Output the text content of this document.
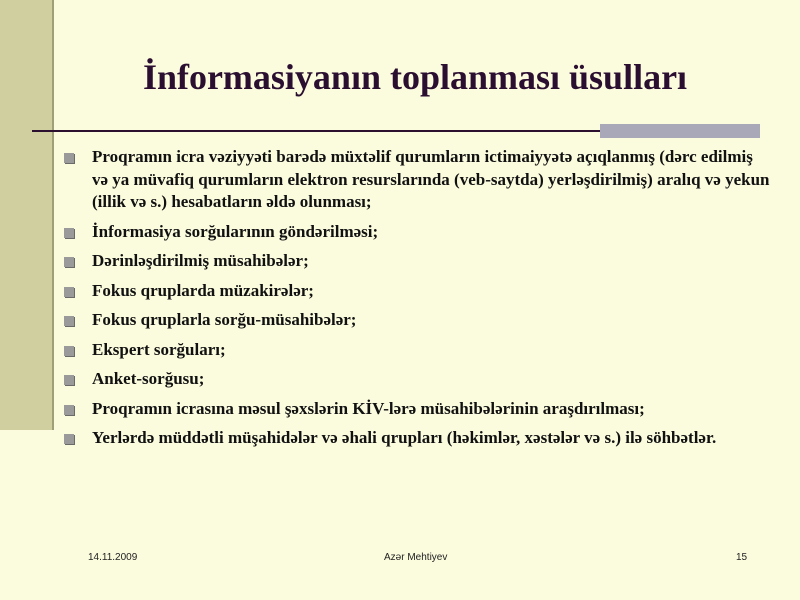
İnformasiyanın toplanması üsulları
Proqramın icra vəziyyəti barədə müxtəlif qurumların ictimaiyyətə açıqlanmış (dərc edilmiş və ya müvafiq qurumların elektron resurslarında (veb-saytda) yerləşdirilmiş) aralıq və yekun (illik və s.) hesabatların əldə olunması;
İnformasiya sorğularının göndərilməsi;
Dərinləşdirilmiş müsahibələr;
Fokus qruplarda müzakirələr;
Fokus qruplarla sorğu-müsahibələr;
Ekspert sorğuları;
Anket-sorğusu;
Proqramın icrasına məsul şəxslərin KİV-lərə müsahibələrinin araşdırılması;
Yerlərdə müddətli müşahidələr və əhali qrupları (həkimlər, xəstələr və s.) ilə söhbətlər.
14.11.2009	Azər Mehtiyev	15
